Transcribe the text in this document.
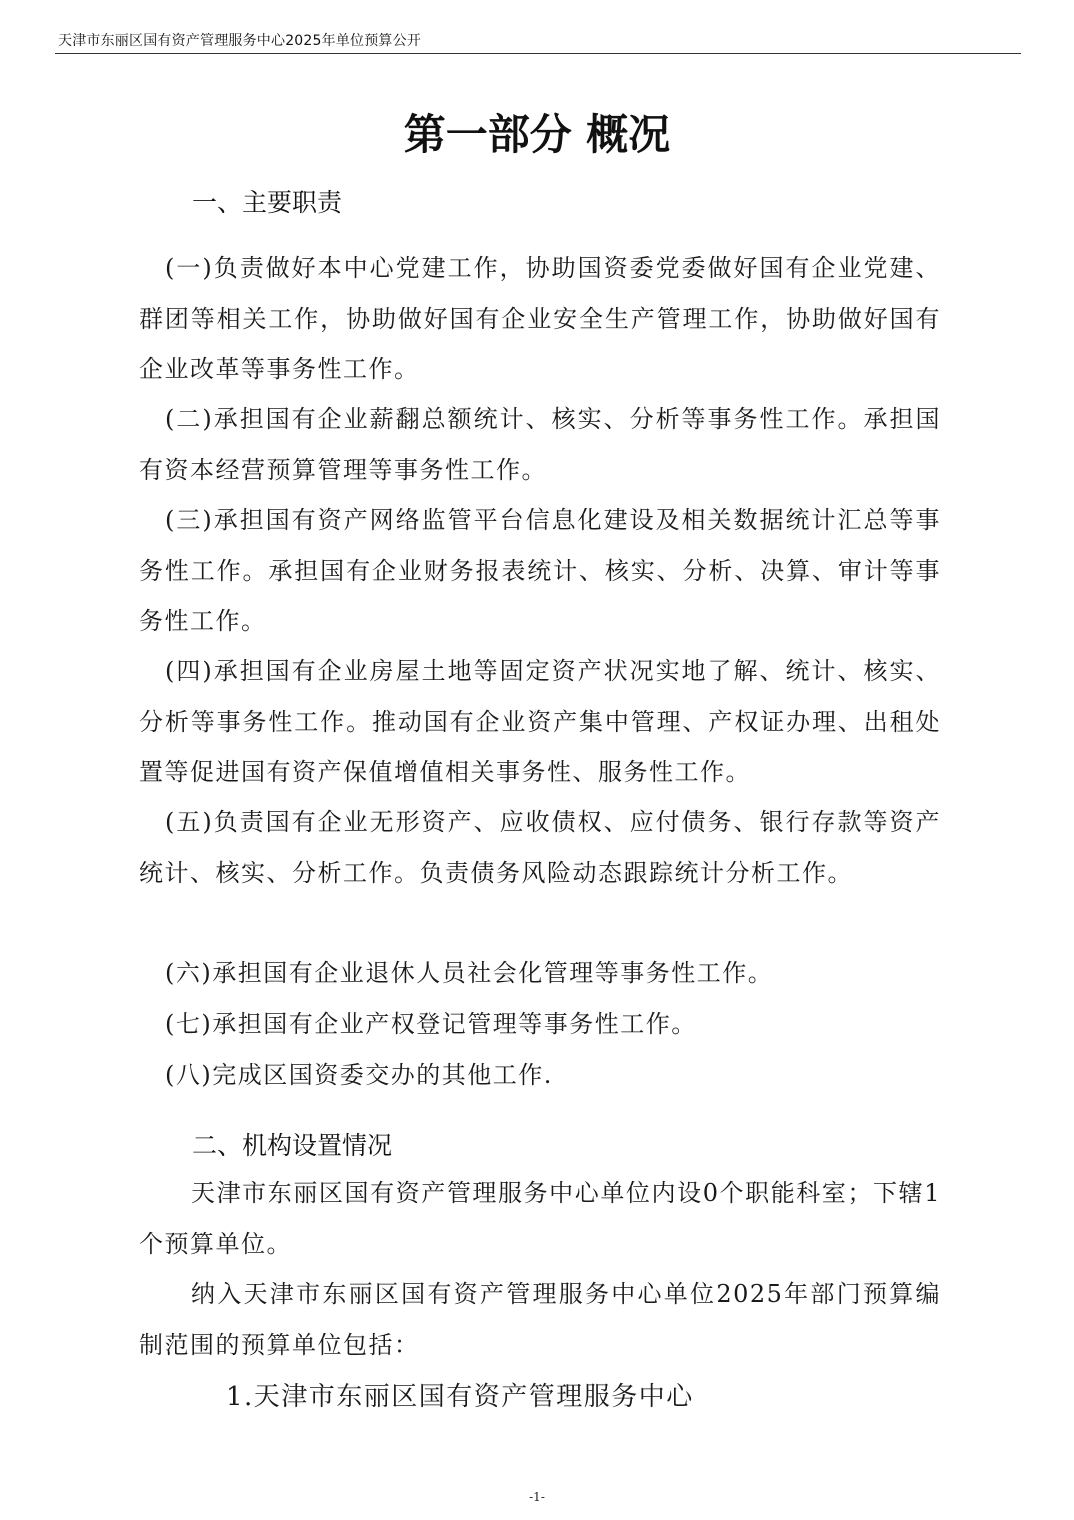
天津市东丽区国有资产管理服务中心2025年单位预算公开
第一部分 概况
一、主要职责

(一)负责做好本中心党建工作，协助国资委党委做好国有企业党建、群团等相关工作，协助做好国有企业安全生产管理工作，协助做好国有企业改革等事务性工作。

(二)承担国有企业薪翻总额统计、核实、分析等事务性工作。承担国有资本经营预算管理等事务性工作。

(三)承担国有资产网络监管平台信息化建设及相关数据统计汇总等事务性工作。承担国有企业财务报表统计、核实、分析、决算、审计等事务性工作。

(四)承担国有企业房屋土地等固定资产状况实地了解、统计、核实、分析等事务性工作。推动国有企业资产集中管理、产权证办理、出租处置等促进国有资产保值增值相关事务性、服务性工作。

(五)负责国有企业无形资产、应收债权、应付债务、银行存款等资产统计、核实、分析工作。负责债务风险动态跟踪统计分析工作。

(六)承担国有企业退休人员社会化管理等事务性工作。

(七)承担国有企业产权登记管理等事务性工作。

(八)完成区国资委交办的其他工作.

二、机构设置情况

天津市东丽区国有资产管理服务中心单位内设0个职能科室；下辖1个预算单位。

纳入天津市东丽区国有资产管理服务中心单位2025年部门预算编制范围的预算单位包括：

1.天津市东丽区国有资产管理服务中心
-1-
